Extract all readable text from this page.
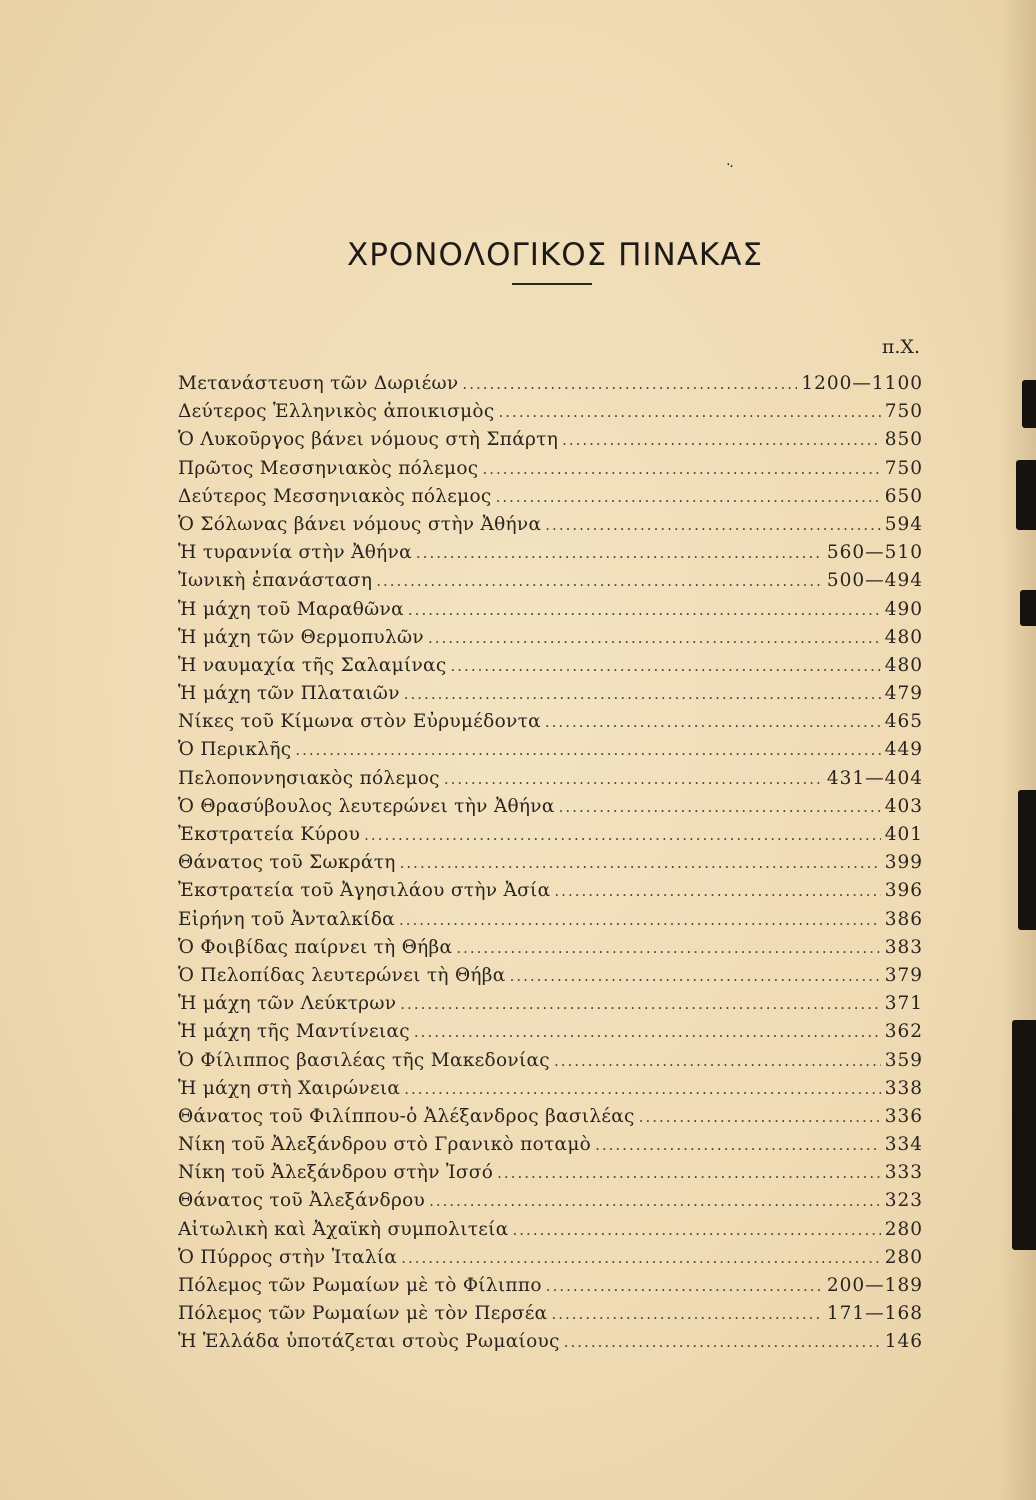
⸱⸱
ΧΡΟΝΟΛΟΓΙΚΟΣ ΠΙΝΑΚΑΣ
π.Χ.
Μετανάστευση τῶν Δωριέων .....	1200—1100
Δεύτερος Ἑλληνικὸς ἀποικισμὸς .....	750
Ὁ Λυκοῦργος βάνει νόμους στὴ Σπάρτη .....	850
Πρῶτος Μεσσηνιακὸς πόλεμος .....	750
Δεύτερος Μεσσηνιακὸς πόλεμος .....	650
Ὁ Σόλωνας βάνει νόμους στὴν Ἀθήνα .....	594
Ἡ τυραννία στὴν Ἀθήνα .....	560—510
Ἰωνικὴ ἐπανάσταση .....	500—494
Ἡ μάχη τοῦ Μαραθῶνα .....	490
Ἡ μάχη τῶν Θερμοπυλῶν .....	480
Ἡ ναυμαχία τῆς Σαλαμίνας .....	480
Ἡ μάχη τῶν Πλαταιῶν .....	479
Νίκες τοῦ Κίμωνα στὸν Εὐρυμέδοντα .....	465
Ὁ Περικλῆς .....	449
Πελοποννησιακὸς πόλεμος .....	431—404
Ὁ Θρασύβουλος λευτερώνει τὴν Ἀθήνα .....	403
Ἐκστρατεία Κύρου .....	401
Θάνατος τοῦ Σωκράτη .....	399
Ἐκστρατεία τοῦ Ἀγησιλάου στὴν Ἀσία .....	396
Εἰρήνη τοῦ Ἀνταλκίδα .....	386
Ὁ Φοιβίδας παίρνει τὴ Θήβα .....	383
Ὁ Πελοπίδας λευτερώνει τὴ Θήβα .....	379
Ἡ μάχη τῶν Λεύκτρων .....	371
Ἡ μάχη τῆς Μαντίνειας .....	362
Ὁ Φίλιππος βασιλέας τῆς Μακεδονίας .....	359
Ἡ μάχη στὴ Χαιρώνεια .....	338
Θάνατος τοῦ Φιλίππου-ὁ Ἀλέξανδρος βασιλέας .....	336
Νίκη τοῦ Ἀλεξάνδρου στὸ Γρανικὸ ποταμὸ .....	334
Νίκη τοῦ Ἀλεξάνδρου στὴν Ἰσσό .....	333
Θάνατος τοῦ Ἀλεξάνδρου .....	323
Αἰτωλικὴ καὶ Ἀχαϊκὴ συμπολιτεία .....	280
Ὁ Πύρρος στὴν Ἰταλία .....	280
Πόλεμος τῶν Ρωμαίων μὲ τὸ Φίλιππο .....	200—189
Πόλεμος τῶν Ρωμαίων μὲ τὸν Περσέα .....	171—168
Ἡ Ἑλλάδα ὑποτάζεται στοὺς Ρωμαίους .....	146
